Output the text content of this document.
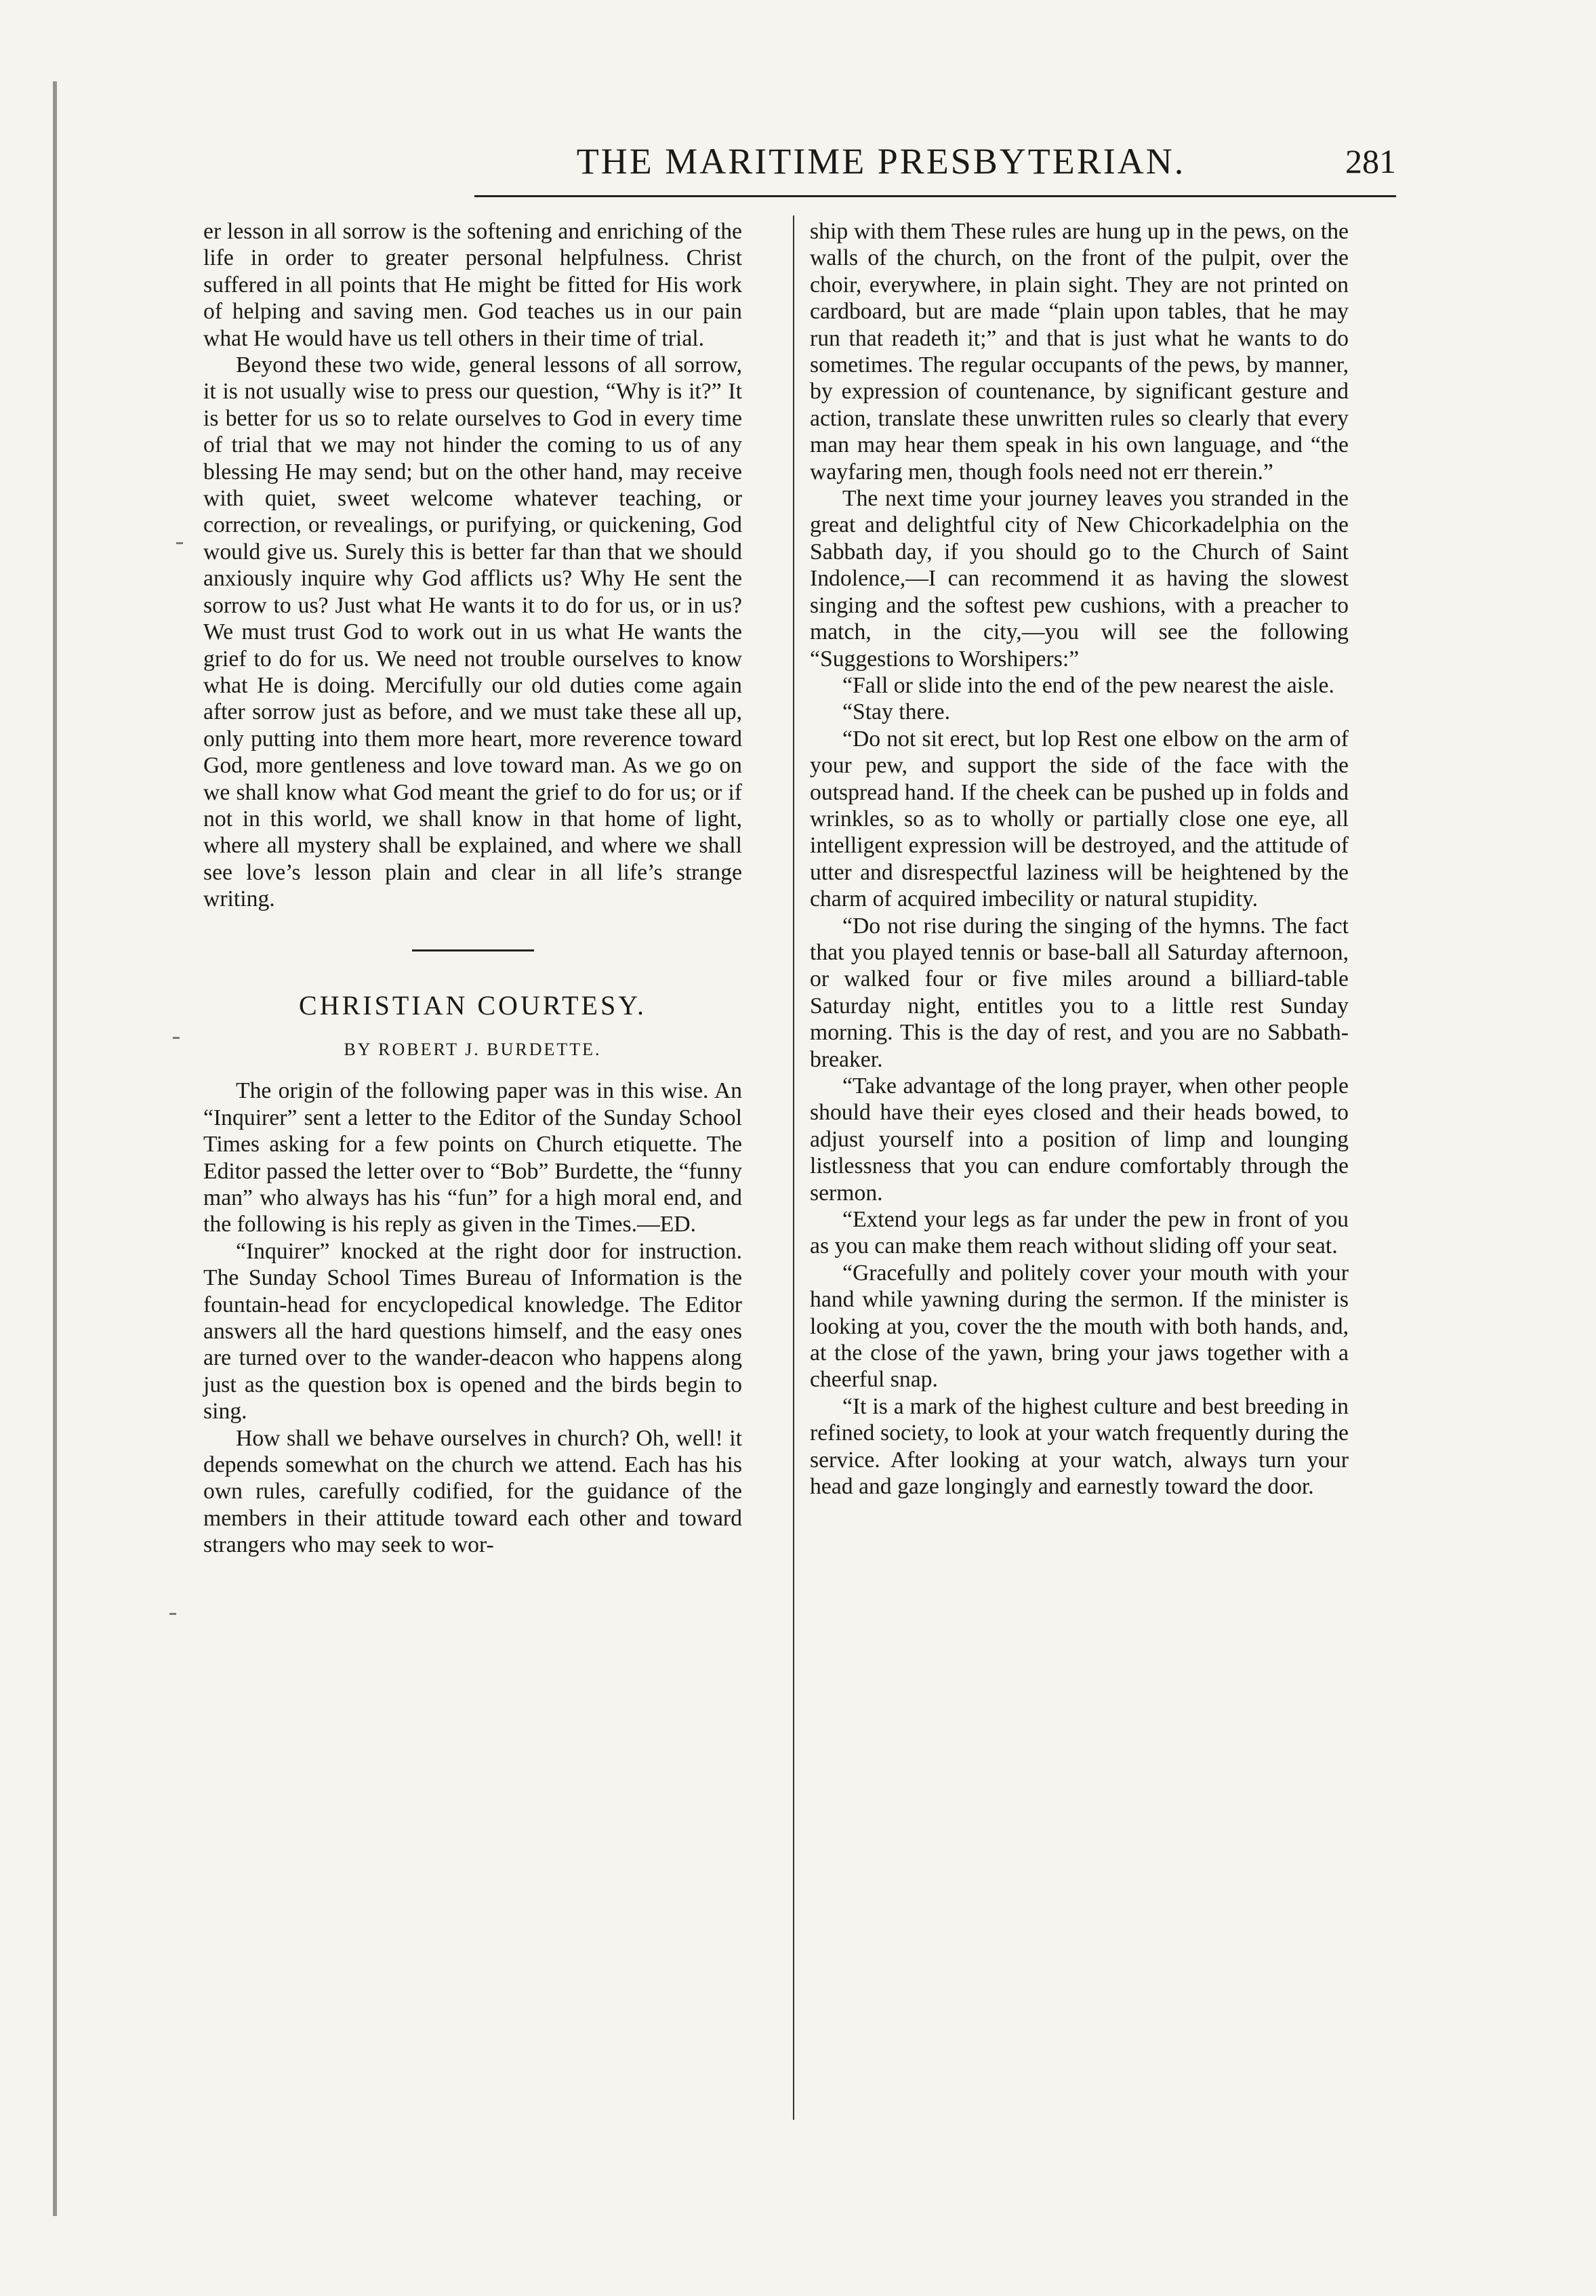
THE MARITIME PRESBYTERIAN.	281

er lesson in all sorrow is the softening and enriching of the life in order to greater personal helpfulness. Christ suffered in all points that He might be fitted for His work of helping and saving men. God teaches us in our pain what He would have us tell others in their time of trial.

Beyond these two wide, general lessons of all sorrow, it is not usually wise to press our question, “Why is it?” It is better for us so to relate ourselves to God in every time of trial that we may not hinder the coming to us of any blessing He may send; but on the other hand, may receive with quiet, sweet welcome whatever teaching, or correction, or revealings, or purifying, or quickening, God would give us. Surely this is better far than that we should anxiously inquire why God afflicts us? Why He sent the sorrow to us? Just what He wants it to do for us, or in us? We must trust God to work out in us what He wants the grief to do for us. We need not trouble ourselves to know what He is doing. Mercifully our old duties come again after sorrow just as before, and we must take these all up, only putting into them more heart, more reverence toward God, more gentleness and love toward man. As we go on we shall know what God meant the grief to do for us; or if not in this world, we shall know in that home of light, where all mystery shall be explained, and where we shall see love’s lesson plain and clear in all life’s strange writing.

CHRISTIAN COURTESY.
BY ROBERT J. BURDETTE.

The origin of the following paper was in this wise. An “Inquirer” sent a letter to the Editor of the Sunday School Times asking for a few points on Church etiquette. The Editor passed the letter over to “Bob” Burdette, the “funny man” who always has his “fun” for a high moral end, and the following is his reply as given in the Times.—ED.

“Inquirer” knocked at the right door for instruction. The Sunday School Times Bureau of Information is the fountain-head for encyclopedical knowledge. The Editor answers all the hard questions himself, and the easy ones are turned over to the wander-deacon who happens along just as the question box is opened and the birds begin to sing.

How shall we behave ourselves in church? Oh, well! it depends somewhat on the church we attend. Each has his own rules, carefully codified, for the guidance of the members in their attitude toward each other and toward strangers who may seek to wor-

ship with them These rules are hung up in the pews, on the walls of the church, on the front of the pulpit, over the choir, everywhere, in plain sight. They are not printed on cardboard, but are made “plain upon tables, that he may run that readeth it;” and that is just what he wants to do sometimes. The regular occupants of the pews, by manner, by expression of countenance, by significant gesture and action, translate these unwritten rules so clearly that every man may hear them speak in his own language, and “the wayfaring men, though fools need not err therein.”

The next time your journey leaves you stranded in the great and delightful city of New Chicorkadelphia on the Sabbath day, if you should go to the Church of Saint Indolence,—I can recommend it as having the slowest singing and the softest pew cushions, with a preacher to match, in the city,—you will see the following “Suggestions to Worshipers:”

“Fall or slide into the end of the pew nearest the aisle.

“Stay there.

“Do not sit erect, but lop Rest one elbow on the arm of your pew, and support the side of the face with the outspread hand. If the cheek can be pushed up in folds and wrinkles, so as to wholly or partially close one eye, all intelligent expression will be destroyed, and the attitude of utter and disrespectful laziness will be heightened by the charm of acquired imbecility or natural stupidity.

“Do not rise during the singing of the hymns. The fact that you played tennis or base-ball all Saturday afternoon, or walked four or five miles around a billiard-table Saturday night, entitles you to a little rest Sunday morning. This is the day of rest, and you are no Sabbath-breaker.

“Take advantage of the long prayer, when other people should have their eyes closed and their heads bowed, to adjust yourself into a position of limp and lounging listlessness that you can endure comfortably through the sermon.

“Extend your legs as far under the pew in front of you as you can make them reach without sliding off your seat.

“Gracefully and politely cover your mouth with your hand while yawning during the sermon. If the minister is looking at you, cover the the mouth with both hands, and, at the close of the yawn, bring your jaws together with a cheerful snap.

“It is a mark of the highest culture and best breeding in refined society, to look at your watch frequently during the service. After looking at your watch, always turn your head and gaze longingly and earnestly toward the door.
